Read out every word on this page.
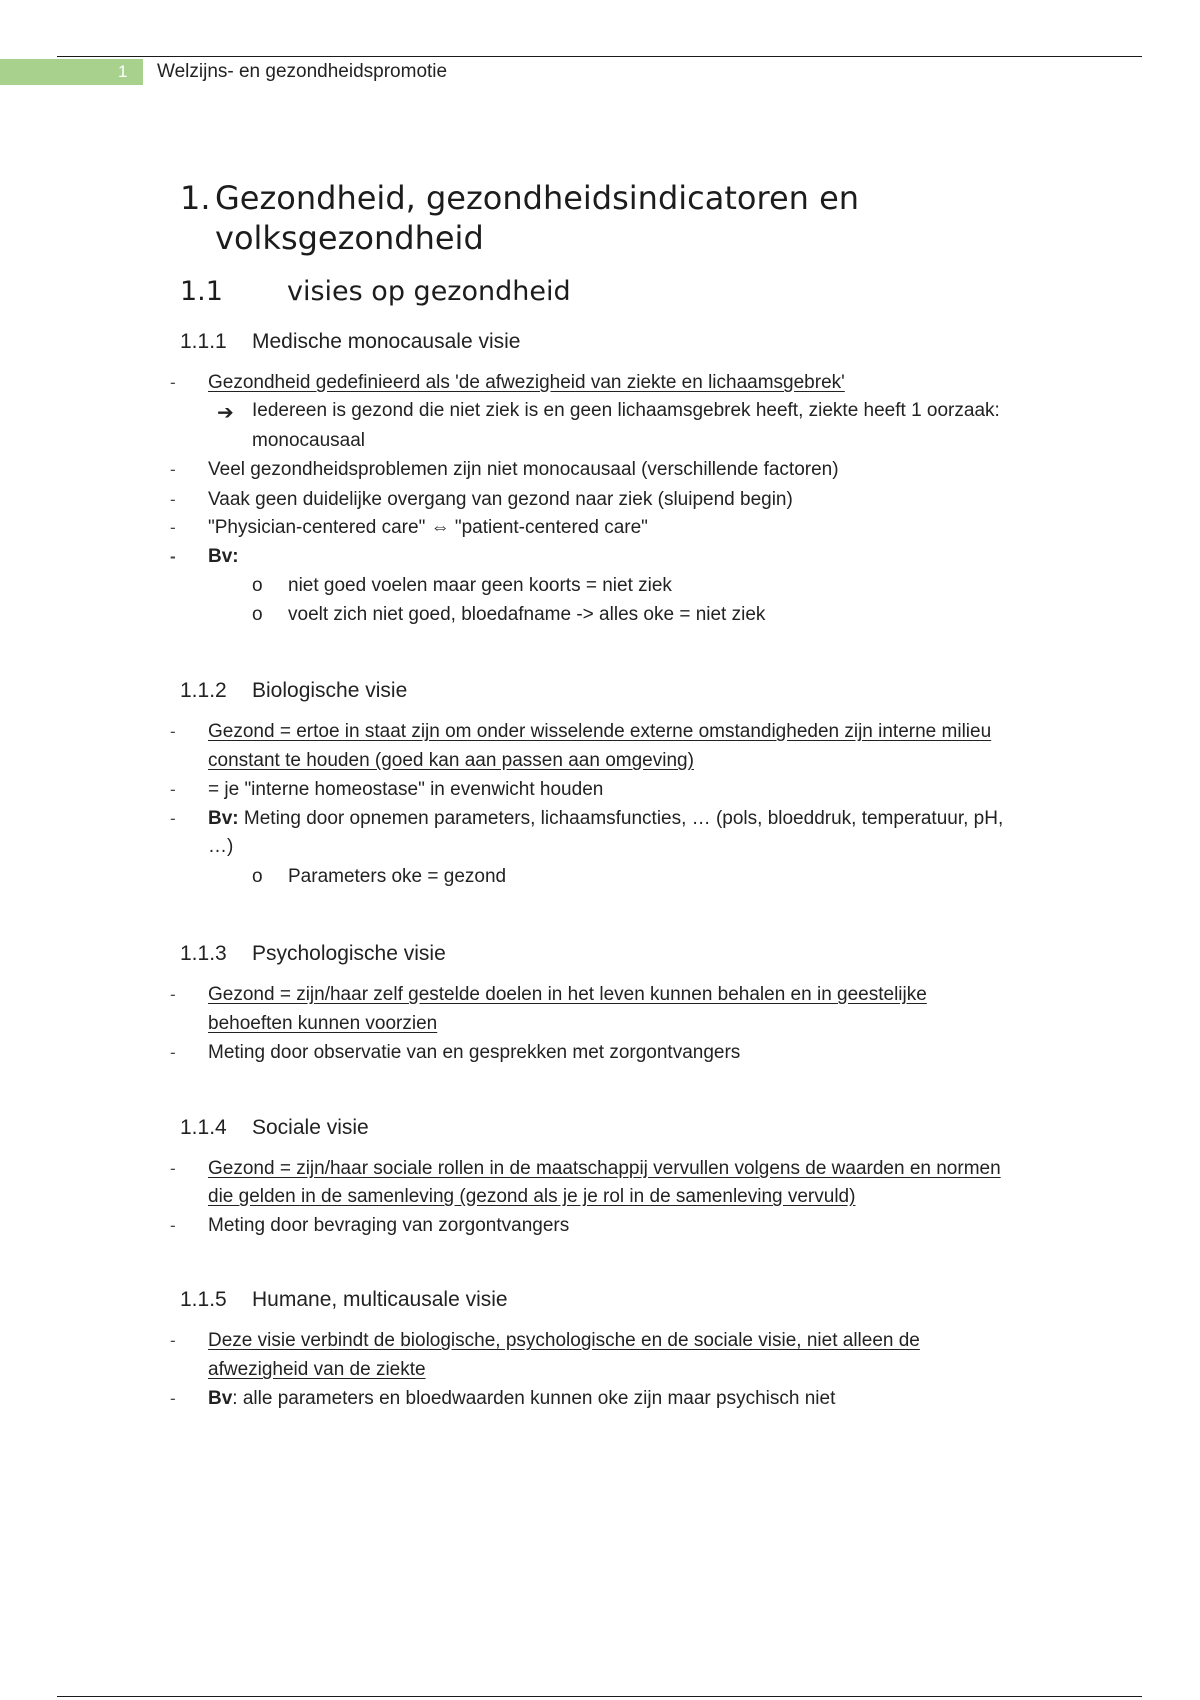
1 Welzijns- en gezondheidspromotie
1. Gezondheid, gezondheidsindicatoren en
volksgezondheid
1.1 visies op gezondheid
1.1.1 Medische monocausale visie
- Gezondheid gedefinieerd als 'de afwezigheid van ziekte en lichaamsgebrek'
➔ Iedereen is gezond die niet ziek is en geen lichaamsgebrek heeft, ziekte heeft 1 oorzaak:
monocausaal
- Veel gezondheidsproblemen zijn niet monocausaal (verschillende factoren)
- Vaak geen duidelijke overgang van gezond naar ziek (sluipend begin)
- "Physician-centered care" ⇔ "patient-centered care"
- Bv:
o niet goed voelen maar geen koorts = niet ziek
o voelt zich niet goed, bloedafname -> alles oke = niet ziek
1.1.2 Biologische visie
- Gezond = ertoe in staat zijn om onder wisselende externe omstandigheden zijn interne milieu
constant te houden (goed kan aan passen aan omgeving)
- = je "interne homeostase" in evenwicht houden
- Bv: Meting door opnemen parameters, lichaamsfuncties, … (pols, bloeddruk, temperatuur, pH,
…)
o Parameters oke = gezond
1.1.3 Psychologische visie
- Gezond = zijn/haar zelf gestelde doelen in het leven kunnen behalen en in geestelijke
behoeften kunnen voorzien
- Meting door observatie van en gesprekken met zorgontvangers
1.1.4 Sociale visie
- Gezond = zijn/haar sociale rollen in de maatschappij vervullen volgens de waarden en normen
die gelden in de samenleving (gezond als je je rol in de samenleving vervuld)
- Meting door bevraging van zorgontvangers
1.1.5 Humane, multicausale visie
- Deze visie verbindt de biologische, psychologische en de sociale visie, niet alleen de
afwezigheid van de ziekte
- Bv: alle parameters en bloedwaarden kunnen oke zijn maar psychisch niet
